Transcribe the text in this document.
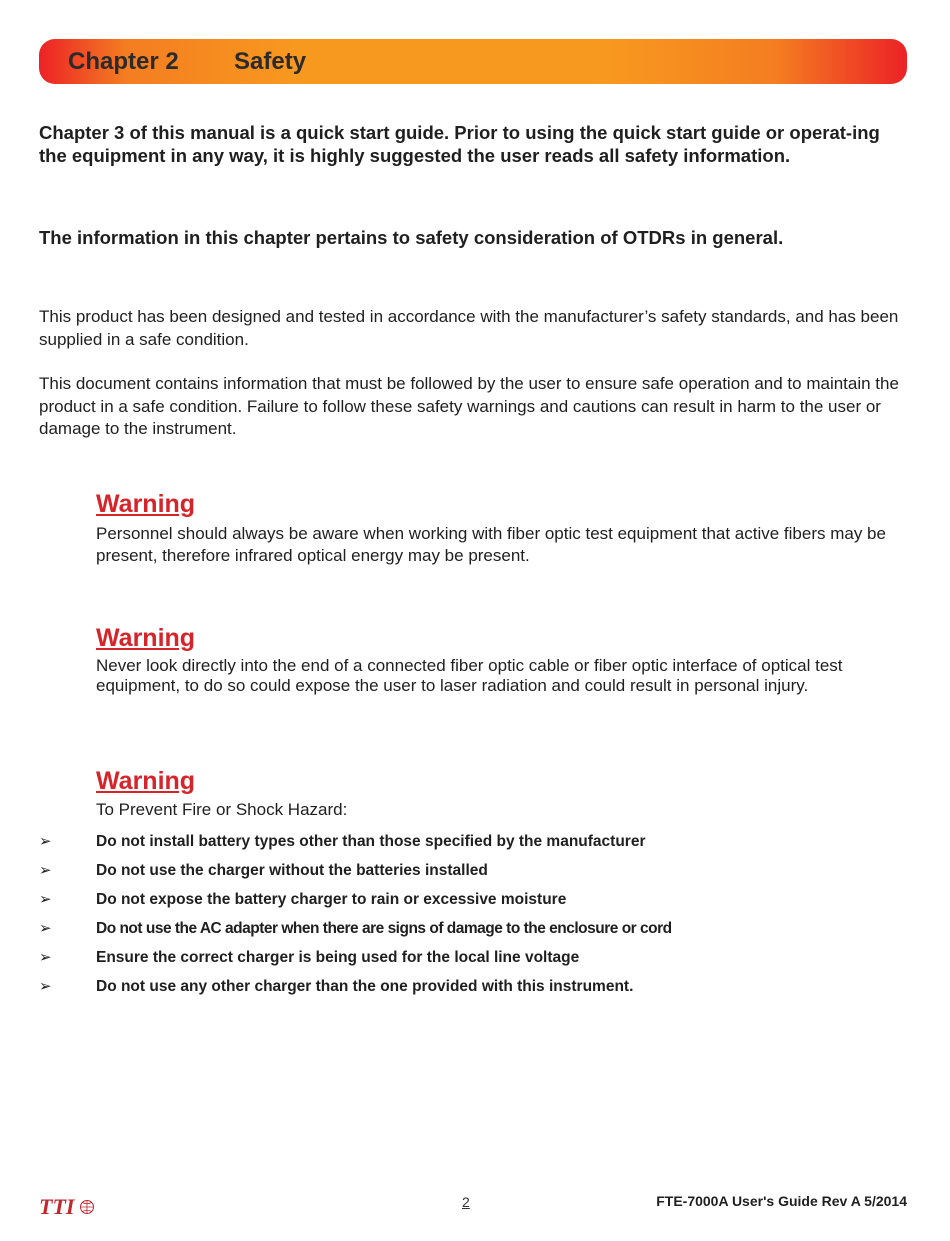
Chapter 2 Safety
Chapter 3 of this manual is a quick start guide. Prior to using the quick start guide or operat-ing the equipment in any way, it is highly suggested the user reads all safety information.
The information in this chapter pertains to safety consideration of OTDRs in general.
This product has been designed and tested in accordance with the manufacturer’s safety standards, and has been supplied in a safe condition.
This document contains information that must be followed by the user to ensure safe operation and to maintain the product in a safe condition. Failure to follow these safety warnings and cautions can result in harm to the user or damage to the instrument.
Warning
Personnel should always be aware when working with fiber optic test equipment that active fibers may be present, therefore infrared optical energy may be present.
Warning
Never look directly into the end of a connected fiber optic cable or fiber optic interface of optical test equipment, to do so could expose the user to laser radiation and could result in personal injury.
Warning
To Prevent Fire or Shock Hazard:
➢	Do not install battery types other than those specified by the manufacturer
➢	Do not use the charger without the batteries installed
➢	Do not expose the battery charger to rain or excessive moisture
➢	Do not use the AC adapter when there are signs of damage to the enclosure or cord
➢	Ensure the correct charger is being used for the local line voltage
➢	Do not use any other charger than the one provided with this instrument.
TTI	2	FTE-7000A User's Guide Rev A 5/2014
